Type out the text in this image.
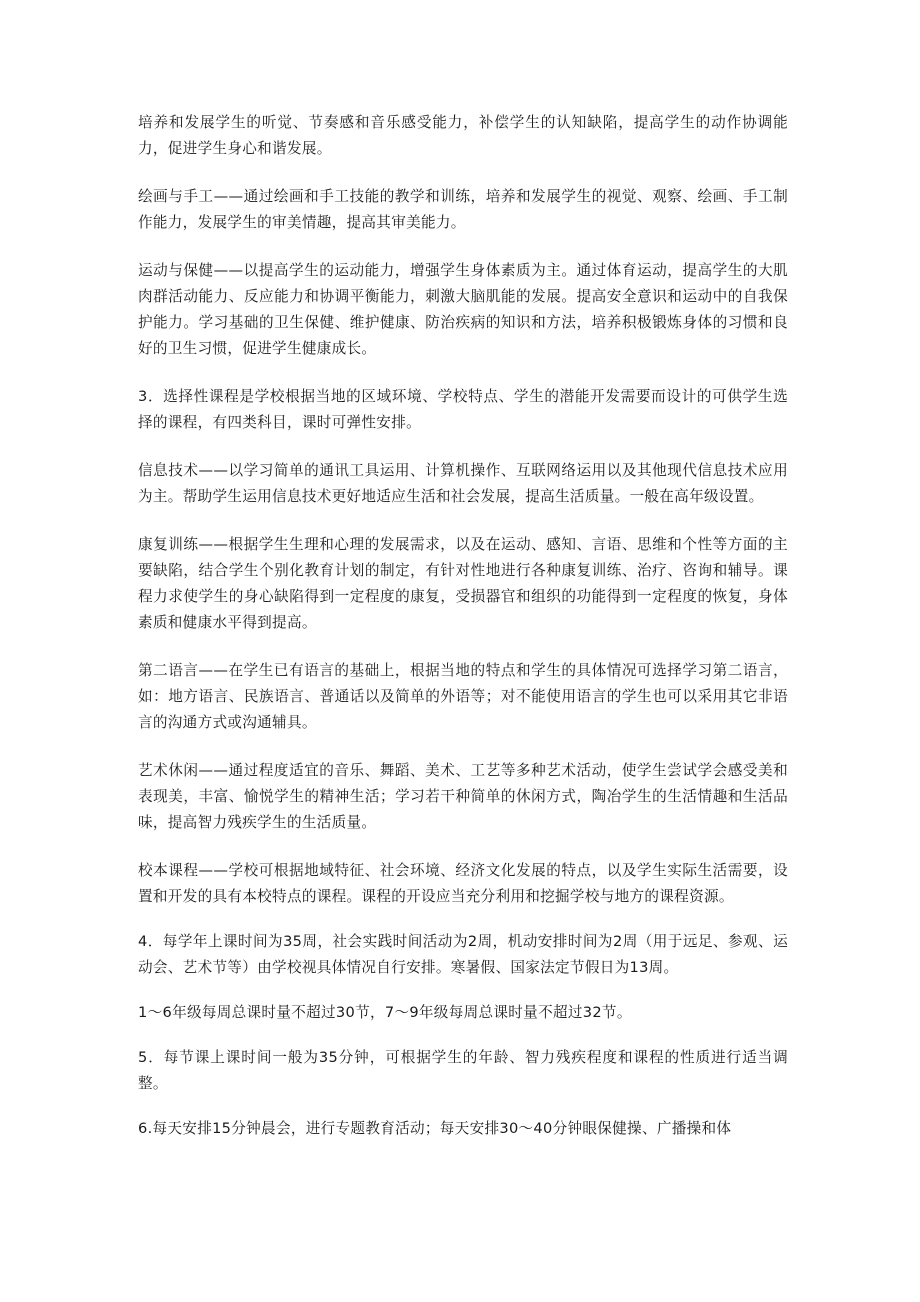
培养和发展学生的听觉、节奏感和音乐感受能力，补偿学生的认知缺陷，提高学生的动作协调能力，促进学生身心和谐发展。

绘画与手工——通过绘画和手工技能的教学和训练，培养和发展学生的视觉、观察、绘画、手工制作能力，发展学生的审美情趣，提高其审美能力。

运动与保健——以提高学生的运动能力，增强学生身体素质为主。通过体育运动，提高学生的大肌肉群活动能力、反应能力和协调平衡能力，刺激大脑肌能的发展。提高安全意识和运动中的自我保护能力。学习基础的卫生保健、维护健康、防治疾病的知识和方法，培养积极锻炼身体的习惯和良好的卫生习惯，促进学生健康成长。

3．选择性课程是学校根据当地的区域环境、学校特点、学生的潜能开发需要而设计的可供学生选择的课程，有四类科目，课时可弹性安排。

信息技术——以学习简单的通讯工具运用、计算机操作、互联网络运用以及其他现代信息技术应用为主。帮助学生运用信息技术更好地适应生活和社会发展，提高生活质量。一般在高年级设置。

康复训练——根据学生生理和心理的发展需求，以及在运动、感知、言语、思维和个性等方面的主要缺陷，结合学生个别化教育计划的制定，有针对性地进行各种康复训练、治疗、咨询和辅导。课程力求使学生的身心缺陷得到一定程度的康复，受损器官和组织的功能得到一定程度的恢复，身体素质和健康水平得到提高。

第二语言——在学生已有语言的基础上，根据当地的特点和学生的具体情况可选择学习第二语言，如：地方语言、民族语言、普通话以及简单的外语等；对不能使用语言的学生也可以采用其它非语言的沟通方式或沟通辅具。

艺术休闲——通过程度适宜的音乐、舞蹈、美术、工艺等多种艺术活动，使学生尝试学会感受美和表现美，丰富、愉悦学生的精神生活；学习若干种简单的休闲方式，陶冶学生的生活情趣和生活品味，提高智力残疾学生的生活质量。

校本课程——学校可根据地域特征、社会环境、经济文化发展的特点，以及学生实际生活需要，设置和开发的具有本校特点的课程。课程的开设应当充分利用和挖掘学校与地方的课程资源。

4．每学年上课时间为35周，社会实践时间活动为2周，机动安排时间为2周（用于远足、参观、运动会、艺术节等）由学校视具体情况自行安排。寒暑假、国家法定节假日为13周。

1～6年级每周总课时量不超过30节，7～9年级每周总课时量不超过32节。

5．每节课上课时间一般为35分钟，可根据学生的年龄、智力残疾程度和课程的性质进行适当调整。

6.每天安排15分钟晨会，进行专题教育活动；每天安排30～40分钟眼保健操、广播操和体
